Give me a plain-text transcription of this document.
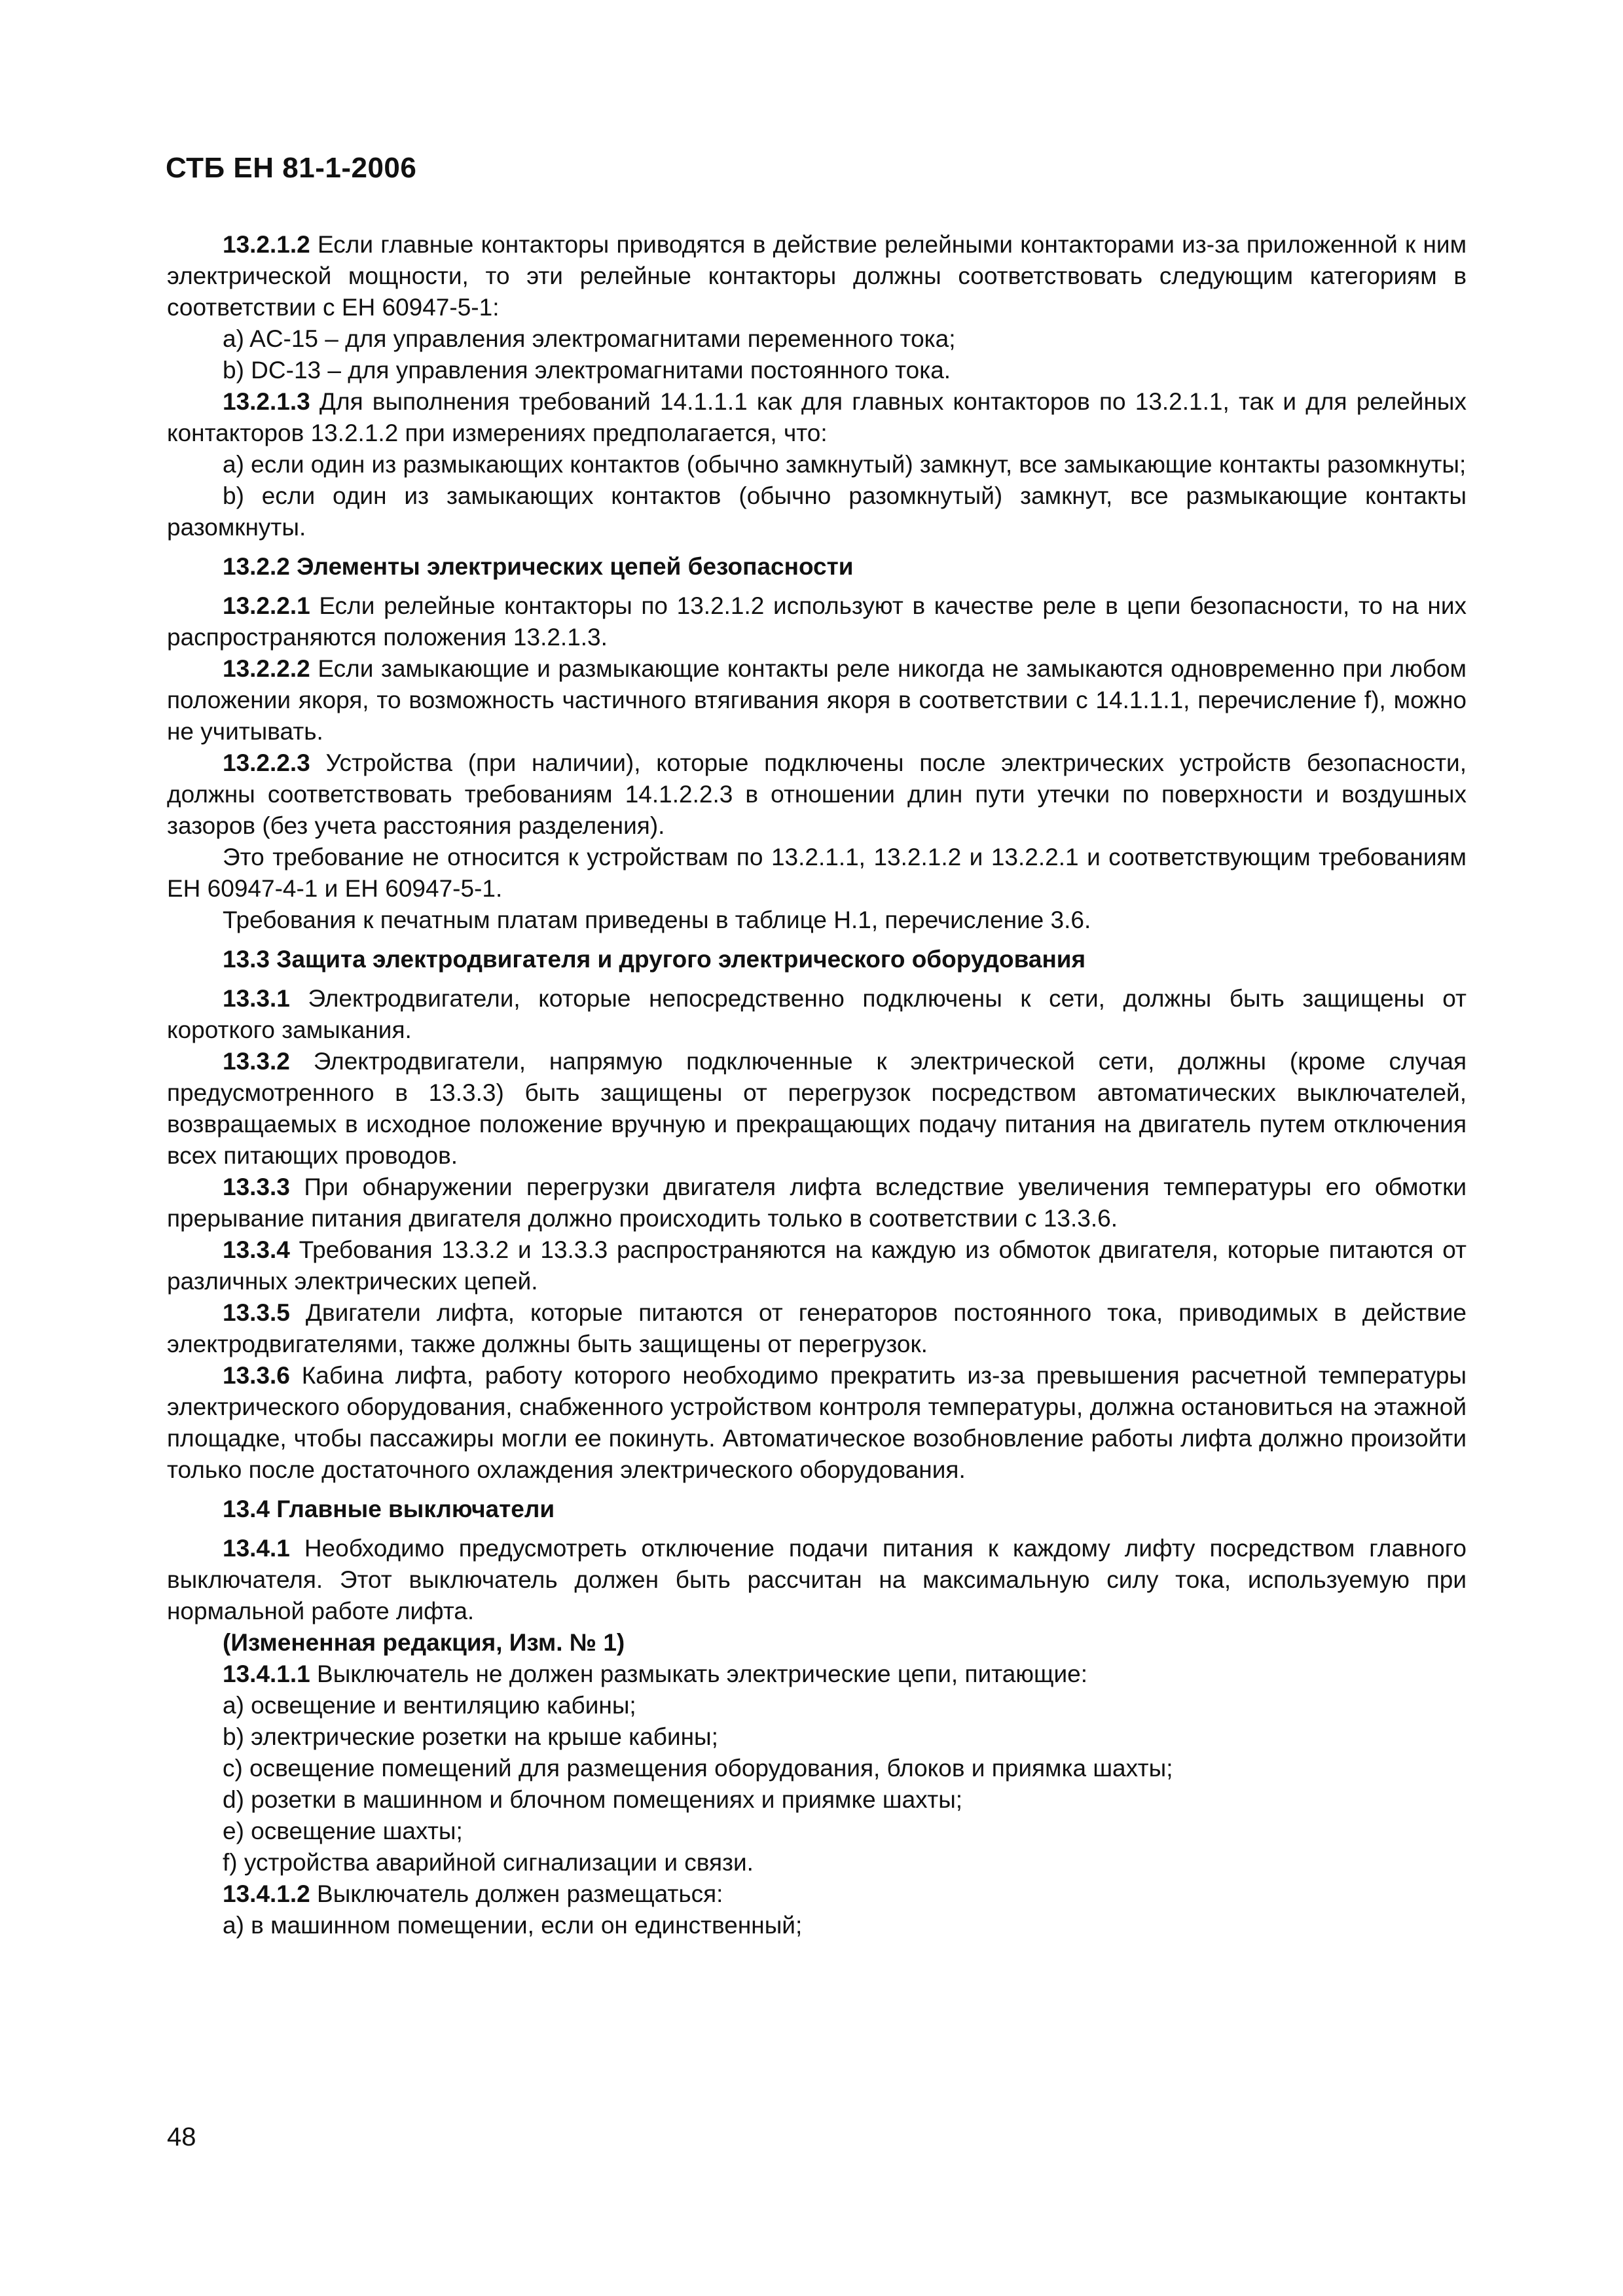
СТБ ЕН 81-1-2006

13.2.1.2 Если главные контакторы приводятся в действие релейными контакторами из-за приложенной к ним электрической мощности, то эти релейные контакторы должны соответствовать следующим категориям в соответствии с ЕН 60947-5-1:

a) AC-15 – для управления электромагнитами переменного тока;

b) DC-13 – для управления электромагнитами постоянного тока.

13.2.1.3 Для выполнения требований 14.1.1.1 как для главных контакторов по 13.2.1.1, так и для релейных контакторов 13.2.1.2 при измерениях предполагается, что:

a) если один из размыкающих контактов (обычно замкнутый) замкнут, все замыкающие контакты разомкнуты;

b) если один из замыкающих контактов (обычно разомкнутый) замкнут, все размыкающие контакты разомкнуты.

13.2.2 Элементы электрических цепей безопасности

13.2.2.1 Если релейные контакторы по 13.2.1.2 используют в качестве реле в цепи безопасности, то на них распространяются положения 13.2.1.3.

13.2.2.2 Если замыкающие и размыкающие контакты реле никогда не замыкаются одновременно при любом положении якоря, то возможность частичного втягивания якоря в соответствии с 14.1.1.1, перечисление f), можно не учитывать.

13.2.2.3 Устройства (при наличии), которые подключены после электрических устройств безопасности, должны соответствовать требованиям 14.1.2.2.3 в отношении длин пути утечки по поверхности и воздушных зазоров (без учета расстояния разделения).

Это требование не относится к устройствам по 13.2.1.1, 13.2.1.2 и 13.2.2.1 и соответствующим требованиям ЕН 60947-4-1 и ЕН 60947-5-1.

Требования к печатным платам приведены в таблице Н.1, перечисление 3.6.

13.3 Защита электродвигателя и другого электрического оборудования

13.3.1 Электродвигатели, которые непосредственно подключены к сети, должны быть защищены от короткого замыкания.

13.3.2 Электродвигатели, напрямую подключенные к электрической сети, должны (кроме случая предусмотренного в 13.3.3) быть защищены от перегрузок посредством автоматических выключателей, возвращаемых в исходное положение вручную и прекращающих подачу питания на двигатель путем отключения всех питающих проводов.

13.3.3 При обнаружении перегрузки двигателя лифта вследствие увеличения температуры его обмотки прерывание питания двигателя должно происходить только в соответствии с 13.3.6.

13.3.4 Требования 13.3.2 и 13.3.3 распространяются на каждую из обмоток двигателя, которые питаются от различных электрических цепей.

13.3.5 Двигатели лифта, которые питаются от генераторов постоянного тока, приводимых в действие электродвигателями, также должны быть защищены от перегрузок.

13.3.6 Кабина лифта, работу которого необходимо прекратить из-за превышения расчетной температуры электрического оборудования, снабженного устройством контроля температуры, должна остановиться на этажной площадке, чтобы пассажиры могли ее покинуть. Автоматическое возобновление работы лифта должно произойти только после достаточного охлаждения электрического оборудования.

13.4 Главные выключатели

13.4.1 Необходимо предусмотреть отключение подачи питания к каждому лифту посредством главного выключателя. Этот выключатель должен быть рассчитан на максимальную силу тока, используемую при нормальной работе лифта.

(Измененная редакция, Изм. № 1)

13.4.1.1 Выключатель не должен размыкать электрические цепи, питающие:

a) освещение и вентиляцию кабины;

b) электрические розетки на крыше кабины;

c) освещение помещений для размещения оборудования, блоков и приямка шахты;

d) розетки в машинном и блочном помещениях и приямке шахты;

e) освещение шахты;

f) устройства аварийной сигнализации и связи.

13.4.1.2 Выключатель должен размещаться:

a) в машинном помещении, если он единственный;

48
